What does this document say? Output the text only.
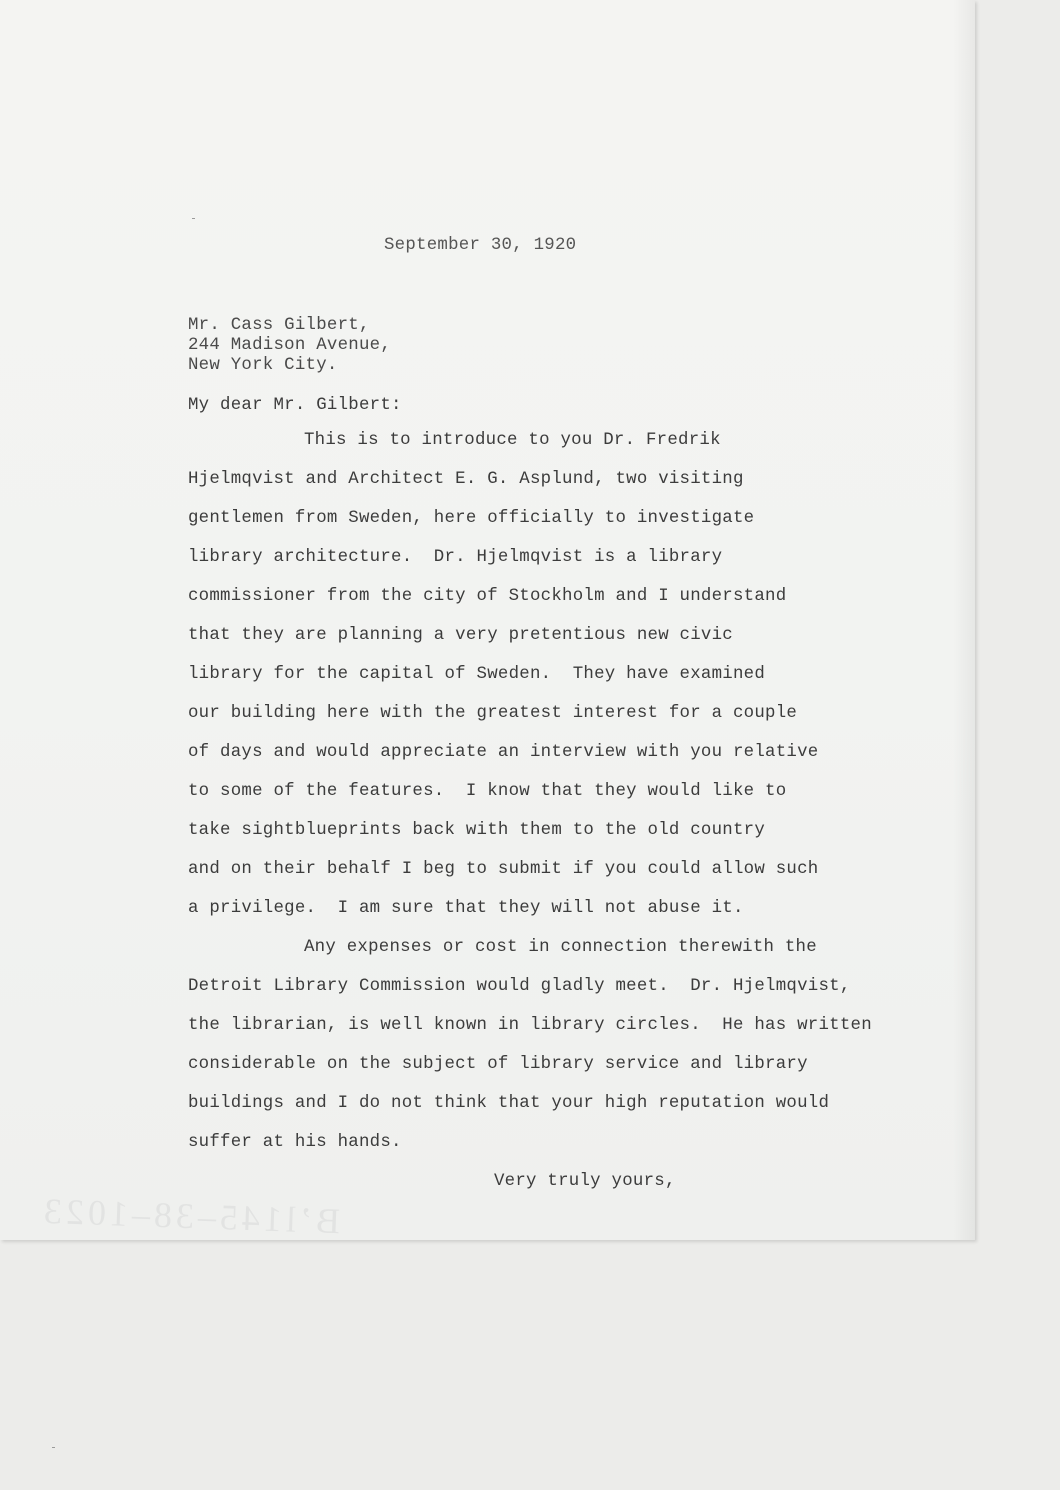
September 30, 1920
Mr. Cass Gilbert,
244 Madison Avenue,
New York City.
My dear Mr. Gilbert:
This is to introduce to you Dr. Fredrik
Hjelmqvist and Architect E. G. Asplund, two visiting
gentlemen from Sweden, here officially to investigate
library architecture.  Dr. Hjelmqvist is a library
commissioner from the city of Stockholm and I understand
that they are planning a very pretentious new civic
library for the capital of Sweden.  They have examined
our building here with the greatest interest for a couple
of days and would appreciate an interview with you relative
to some of the features.  I know that they would like to
take sightblueprints back with them to the old country
and on their behalf I beg to submit if you could allow such
a privilege.  I am sure that they will not abuse it.
Any expenses or cost in connection therewith the
Detroit Library Commission would gladly meet.  Dr. Hjelmqvist,
the librarian, is well known in library circles.  He has written
considerable on the subject of library service and library
buildings and I do not think that your high reputation would
suffer at his hands.
Very truly yours,
B’l145–38–1023
